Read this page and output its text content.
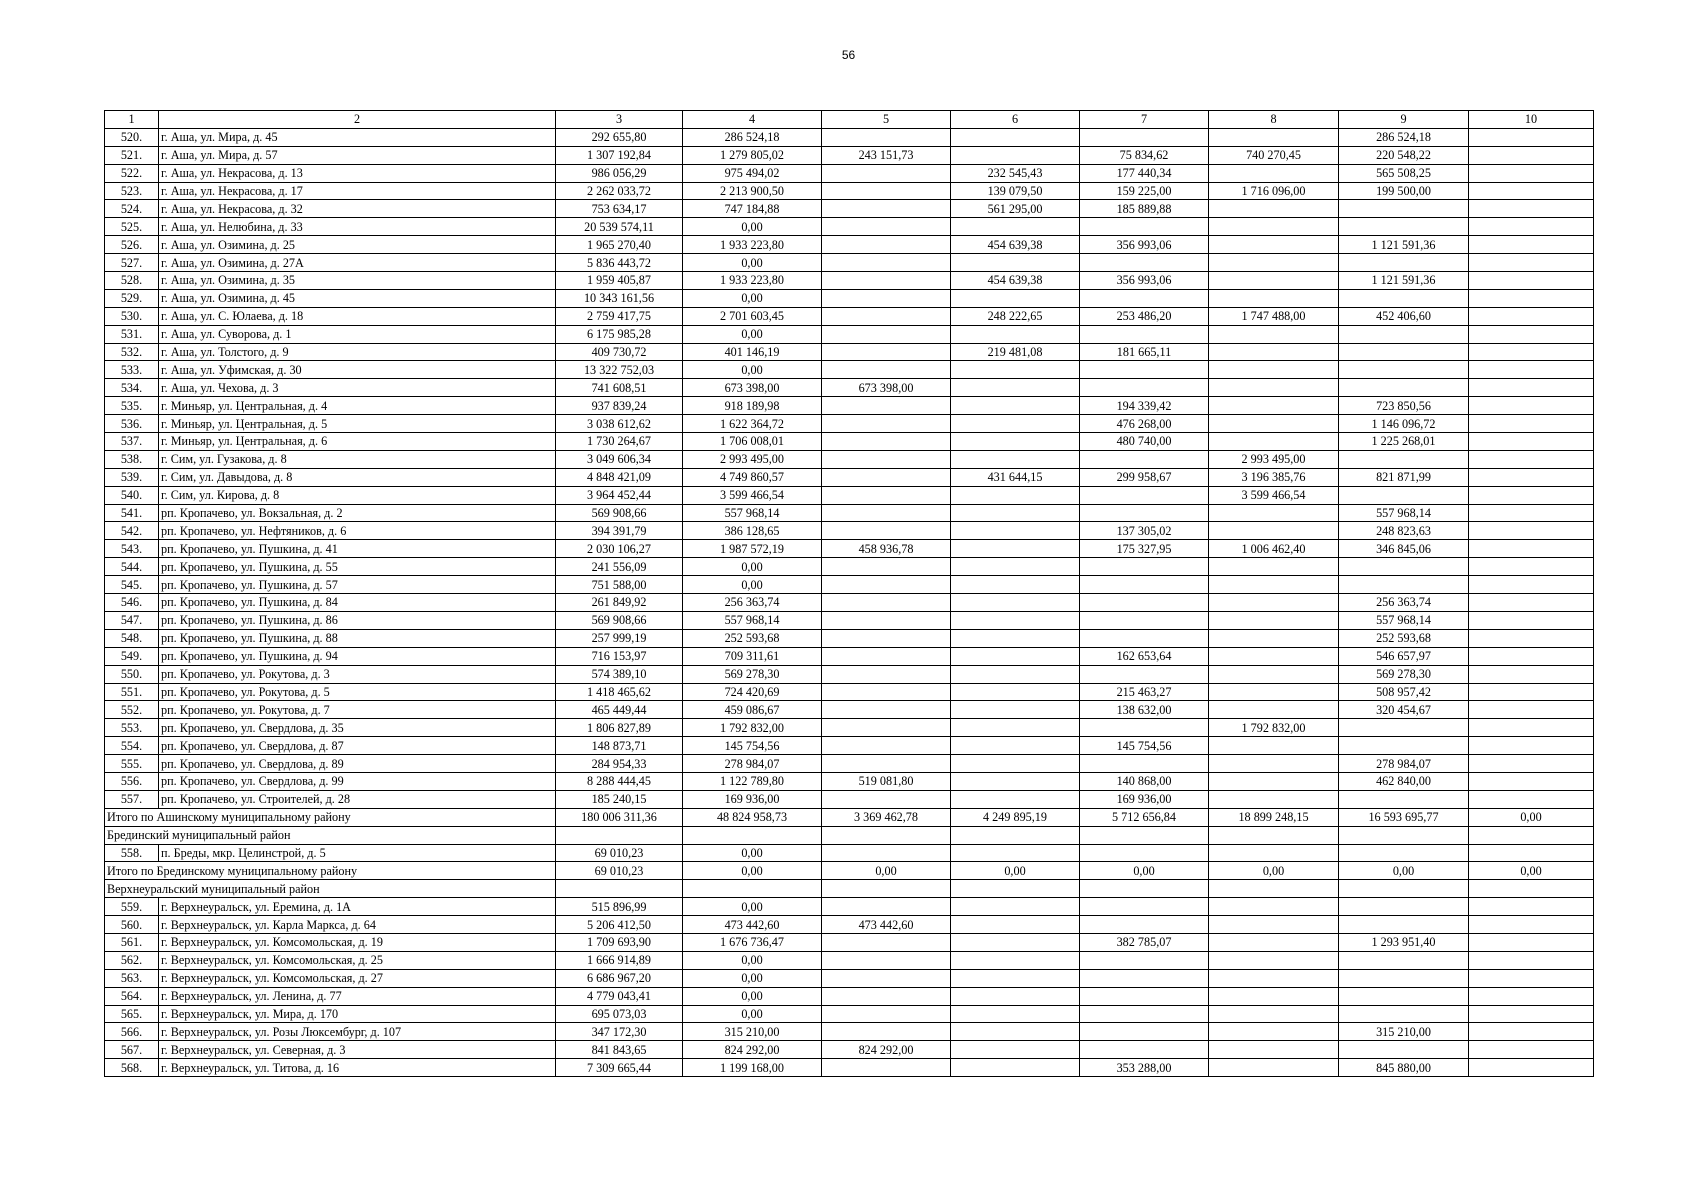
56
1	2	3	4	5	6	7	8	9	10
520.	г. Аша, ул. Мира, д. 45	292 655,80	286 524,18					286 524,18	
521.	г. Аша, ул. Мира, д. 57	1 307 192,84	1 279 805,02	243 151,73		75 834,62	740 270,45	220 548,22	
522.	г. Аша, ул. Некрасова, д. 13	986 056,29	975 494,02		232 545,43	177 440,34		565 508,25	
523.	г. Аша, ул. Некрасова, д. 17	2 262 033,72	2 213 900,50		139 079,50	159 225,00	1 716 096,00	199 500,00	
524.	г. Аша, ул. Некрасова, д. 32	753 634,17	747 184,88		561 295,00	185 889,88			
525.	г. Аша, ул. Нелюбина, д. 33	20 539 574,11	0,00						
526.	г. Аша, ул. Озимина, д. 25	1 965 270,40	1 933 223,80		454 639,38	356 993,06		1 121 591,36	
527.	г. Аша, ул. Озимина, д. 27А	5 836 443,72	0,00						
528.	г. Аша, ул. Озимина, д. 35	1 959 405,87	1 933 223,80		454 639,38	356 993,06		1 121 591,36	
529.	г. Аша, ул. Озимина, д. 45	10 343 161,56	0,00						
530.	г. Аша, ул. С. Юлаева, д. 18	2 759 417,75	2 701 603,45		248 222,65	253 486,20	1 747 488,00	452 406,60	
531.	г. Аша, ул. Суворова, д. 1	6 175 985,28	0,00						
532.	г. Аша, ул. Толстого, д. 9	409 730,72	401 146,19		219 481,08	181 665,11			
533.	г. Аша, ул. Уфимская, д. 30	13 322 752,03	0,00						
534.	г. Аша, ул. Чехова, д. 3	741 608,51	673 398,00	673 398,00					
535.	г. Миньяр, ул. Центральная, д. 4	937 839,24	918 189,98			194 339,42		723 850,56	
536.	г. Миньяр, ул. Центральная, д. 5	3 038 612,62	1 622 364,72			476 268,00		1 146 096,72	
537.	г. Миньяр, ул. Центральная, д. 6	1 730 264,67	1 706 008,01			480 740,00		1 225 268,01	
538.	г. Сим, ул. Гузакова, д. 8	3 049 606,34	2 993 495,00				2 993 495,00		
539.	г. Сим, ул. Давыдова, д. 8	4 848 421,09	4 749 860,57		431 644,15	299 958,67	3 196 385,76	821 871,99	
540.	г. Сим, ул. Кирова, д. 8	3 964 452,44	3 599 466,54				3 599 466,54		
541.	рп. Кропачево, ул. Вокзальная, д. 2	569 908,66	557 968,14					557 968,14	
542.	рп. Кропачево, ул. Нефтяников, д. 6	394 391,79	386 128,65			137 305,02		248 823,63	
543.	рп. Кропачево, ул. Пушкина, д. 41	2 030 106,27	1 987 572,19	458 936,78		175 327,95	1 006 462,40	346 845,06	
544.	рп. Кропачево, ул. Пушкина, д. 55	241 556,09	0,00						
545.	рп. Кропачево, ул. Пушкина, д. 57	751 588,00	0,00						
546.	рп. Кропачево, ул. Пушкина, д. 84	261 849,92	256 363,74					256 363,74	
547.	рп. Кропачево, ул. Пушкина, д. 86	569 908,66	557 968,14					557 968,14	
548.	рп. Кропачево, ул. Пушкина, д. 88	257 999,19	252 593,68					252 593,68	
549.	рп. Кропачево, ул. Пушкина, д. 94	716 153,97	709 311,61			162 653,64		546 657,97	
550.	рп. Кропачево, ул. Рокутова, д. 3	574 389,10	569 278,30					569 278,30	
551.	рп. Кропачево, ул. Рокутова, д. 5	1 418 465,62	724 420,69			215 463,27		508 957,42	
552.	рп. Кропачево, ул. Рокутова, д. 7	465 449,44	459 086,67			138 632,00		320 454,67	
553.	рп. Кропачево, ул. Свердлова, д. 35	1 806 827,89	1 792 832,00				1 792 832,00		
554.	рп. Кропачево, ул. Свердлова, д. 87	148 873,71	145 754,56			145 754,56			
555.	рп. Кропачево, ул. Свердлова, д. 89	284 954,33	278 984,07					278 984,07	
556.	рп. Кропачево, ул. Свердлова, д. 99	8 288 444,45	1 122 789,80	519 081,80		140 868,00		462 840,00	
557.	рп. Кропачево, ул. Строителей, д. 28	185 240,15	169 936,00			169 936,00			
Итого по Ашинскому муниципальному району		180 006 311,36	48 824 958,73	3 369 462,78	4 249 895,19	5 712 656,84	18 899 248,15	16 593 695,77	0,00
Брединский муниципальный район									
558.	п. Бреды, мкр. Целинстрой, д. 5	69 010,23	0,00						
Итого по Брединскому муниципальному району		69 010,23	0,00	0,00	0,00	0,00	0,00	0,00	0,00
Верхнеуральский муниципальный район									
559.	г. Верхнеуральск, ул. Еремина, д. 1А	515 896,99	0,00						
560.	г. Верхнеуральск, ул. Карла Маркса, д. 64	5 206 412,50	473 442,60	473 442,60					
561.	г. Верхнеуральск, ул. Комсомольская, д. 19	1 709 693,90	1 676 736,47			382 785,07		1 293 951,40	
562.	г. Верхнеуральск, ул. Комсомольская, д. 25	1 666 914,89	0,00						
563.	г. Верхнеуральск, ул. Комсомольская, д. 27	6 686 967,20	0,00						
564.	г. Верхнеуральск, ул. Ленина, д. 77	4 779 043,41	0,00						
565.	г. Верхнеуральск, ул. Мира, д. 170	695 073,03	0,00						
566.	г. Верхнеуральск, ул. Розы Люксембург, д. 107	347 172,30	315 210,00					315 210,00	
567.	г. Верхнеуральск, ул. Северная, д. 3	841 843,65	824 292,00	824 292,00					
568.	г. Верхнеуральск, ул. Титова, д. 16	7 309 665,44	1 199 168,00			353 288,00		845 880,00	
